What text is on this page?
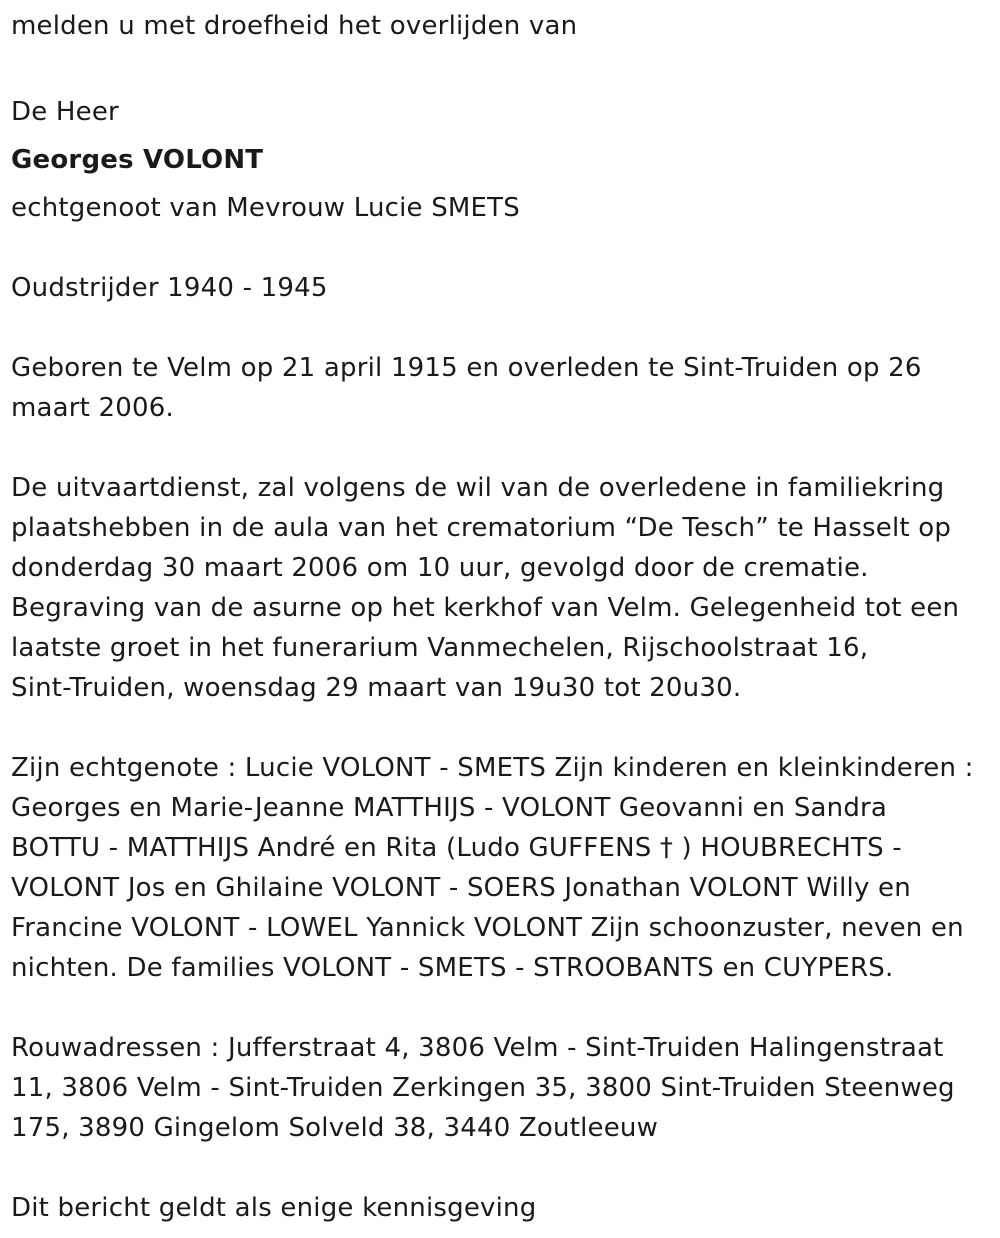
melden u met droefheid het overlijden van

De Heer

Georges VOLONT

echtgenoot van Mevrouw Lucie SMETS

Oudstrijder 1940 - 1945

Geboren te Velm op 21 april 1915 en overleden te Sint-Truiden op 26 maart 2006.

De uitvaartdienst, zal volgens de wil van de overledene in familiekring

plaatshebben in de aula van het crematorium “De Tesch” te Hasselt op

donderdag 30 maart 2006 om 10 uur, gevolgd door de crematie.

Begraving van de asurne op het kerkhof van Velm. Gelegenheid tot een

laatste groet in het funerarium Vanmechelen, Rijschoolstraat 16,

Sint-Truiden, woensdag 29 maart van 19u30 tot 20u30.

Zijn echtgenote : Lucie VOLONT - SMETS Zijn kinderen en kleinkinderen :

Georges en Marie-Jeanne MATTHIJS - VOLONT Geovanni en Sandra

BOTTU - MATTHIJS André en Rita (Ludo GUFFENS † ) HOUBRECHTS -

VOLONT Jos en Ghilaine VOLONT - SOERS Jonathan VOLONT Willy en

Francine VOLONT - LOWEL Yannick VOLONT Zijn schoonzuster, neven en

nichten. De families VOLONT - SMETS - STROOBANTS en CUYPERS.

Rouwadressen : Jufferstraat 4, 3806 Velm - Sint-Truiden Halingenstraat

11, 3806 Velm - Sint-Truiden Zerkingen 35, 3800 Sint-Truiden Steenweg

175, 3890 Gingelom Solveld 38, 3440 Zoutleeuw

Dit bericht geldt als enige kennisgeving
